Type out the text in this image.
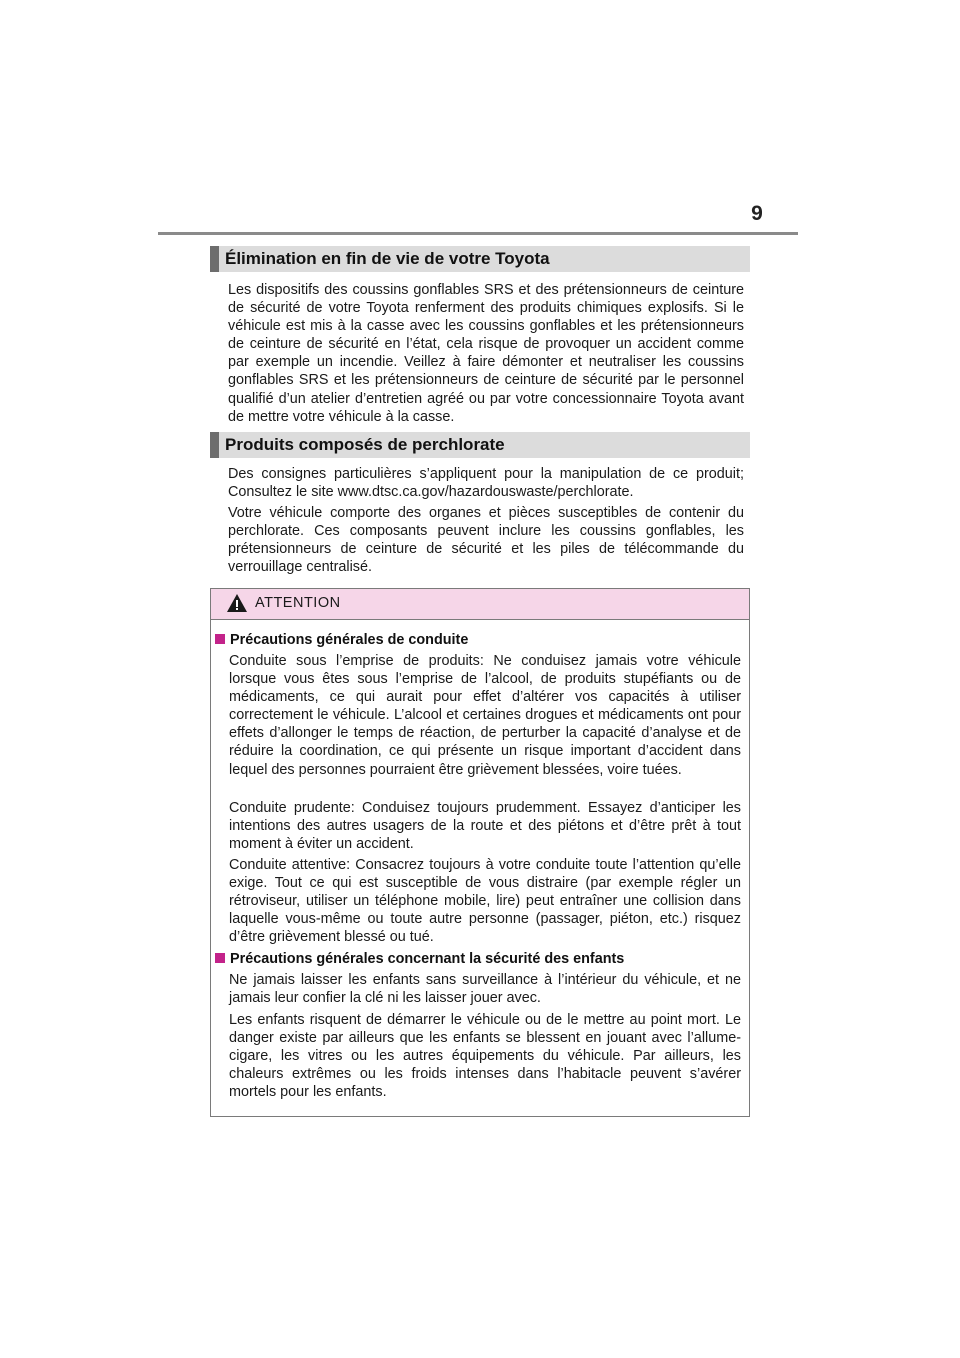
9
Élimination en fin de vie de votre Toyota

Les dispositifs des coussins gonflables SRS et des prétensionneurs de ceinture de sécurité de votre Toyota renferment des produits chimiques explosifs. Si le véhicule est mis à la casse avec les coussins gonflables et les prétensionneurs de ceinture de sécurité en l’état, cela risque de provoquer un accident comme par exemple un incendie. Veillez à faire démonter et neutraliser les coussins gonflables SRS et les prétensionneurs de ceinture de sécurité par le personnel qualifié d’un atelier d’entretien agréé ou par votre concessionnaire Toyota avant de mettre votre véhicule à la casse.

Produits composés de perchlorate

Des consignes particulières s’appliquent pour la manipulation de ce produit; Consultez le site www.dtsc.ca.gov/hazardouswaste/perchlorate.

Votre véhicule comporte des organes et pièces susceptibles de contenir du perchlorate. Ces composants peuvent inclure les coussins gonflables, les prétensionneurs de ceinture de sécurité et les piles de télécommande du verrouillage centralisé.

ATTENTION
Précautions générales de conduite

Conduite sous l’emprise de produits: Ne conduisez jamais votre véhicule lorsque vous êtes sous l’emprise de l’alcool, de produits stupéfiants ou de médicaments, ce qui aurait pour effet d’altérer vos capacités à utiliser correctement le véhicule. L’alcool et certaines drogues et médicaments ont pour effets d’allonger le temps de réaction, de perturber la capacité d’analyse et de réduire la coordination, ce qui présente un risque important d’accident dans lequel des personnes pourraient être grièvement blessées, voire tuées.

Conduite prudente: Conduisez toujours prudemment. Essayez d’anticiper les intentions des autres usagers de la route et des piétons et d’être prêt à tout moment à éviter un accident.

Conduite attentive: Consacrez toujours à votre conduite toute l’attention qu’elle exige. Tout ce qui est susceptible de vous distraire (par exemple régler un rétroviseur, utiliser un téléphone mobile, lire) peut entraîner une collision dans laquelle vous-même ou toute autre personne (passager, piéton, etc.) risquez d’être grièvement blessé ou tué.

Précautions générales concernant la sécurité des enfants

Ne jamais laisser les enfants sans surveillance à l’intérieur du véhicule, et ne jamais leur confier la clé ni les laisser jouer avec.

Les enfants risquent de démarrer le véhicule ou de le mettre au point mort. Le danger existe par ailleurs que les enfants se blessent en jouant avec l’allume-cigare, les vitres ou les autres équipements du véhicule. Par ailleurs, les chaleurs extrêmes ou les froids intenses dans l’habitacle peuvent s’avérer mortels pour les enfants.
